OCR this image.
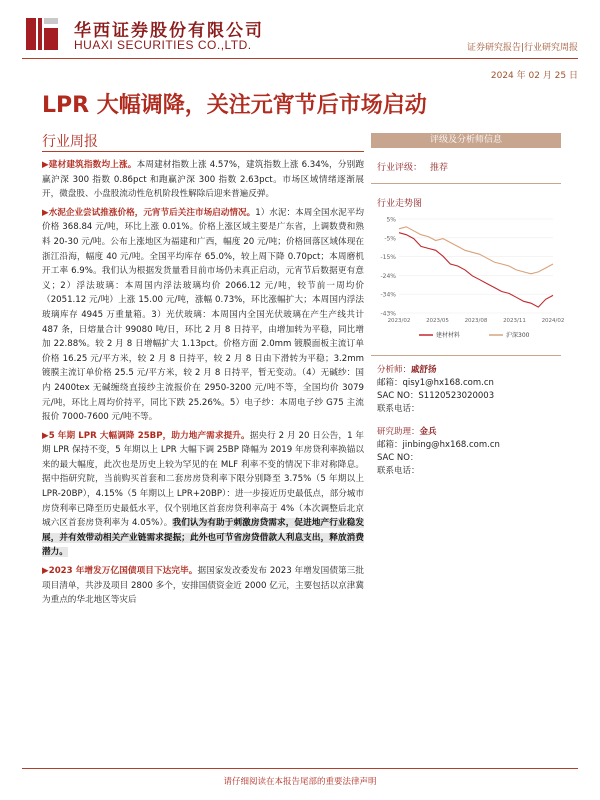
华西证券股份有限公司
HUAXI SECURITIES CO.,LTD.	证券研究报告|行业研究周报
2024 年 02 月 25 日
LPR 大幅调降，关注元宵节后市场启动
行业周报

▶建材建筑指数均上涨。本周建材指数上涨 4.57%，建筑指数上涨 6.34%，分别跑赢沪深 300 指数 0.86pct 和跑赢沪深 300 指数 2.63pct。市场区域情绪逐渐展开，微盘股、小盘股流动性危机阶段性解除后迎来普遍反弹。

▶水泥企业尝试推涨价格，元宵节后关注市场启动情况。1）水泥：本周全国水泥平均价格 368.84 元/吨，环比上涨 0.01%。价格上涨区域主要是广东省，上调数费和熟料 20-30 元/吨。公布上涨地区为福建和广西，幅度 20 元/吨；价格回落区域体现在浙江沿海，幅度 40 元/吨。全国平均库存 65.0%，较上周下降 0.70pct；本周磨机开工率 6.9%。我们认为根据发货量看目前市场仍未真正启动，元宵节后数据更有意义；2）浮法玻璃：本周国内浮法玻璃均价 2066.12 元/吨，较节前一周均价（2051.12 元/吨）上涨 15.00 元/吨，涨幅 0.73%，环比涨幅扩大；本周国内浮法玻璃库存 4945 万重量箱。3）光伏玻璃：本周国内全国光伏玻璃在产生产线共计 487 条，日熔量合计 99080 吨/日，环比 2 月 8 日持平，由增加转为平稳，同比增加 22.88%。较 2 月 8 日增幅扩大 1.13pct。价格方面 2.0mm 镀膜面板主流订单价格 16.25 元/平方米，较 2 月 8 日持平，较 2 月 8 日由下滑转为平稳；3.2mm 镀膜主流订单价格 25.5 元/平方米，较 2 月 8 日持平，暂无变动。（4）无碱纱：国内 2400tex 无碱缠绕直接纱主流报价在 2950-3200 元/吨不等，全国均价 3079 元/吨，环比上周均价持平，同比下跌 25.26%。5）电子纱：本周电子纱 G75 主流报价 7000-7600 元/吨不等。

▶5 年期 LPR 大幅调降 25BP，助力地产需求提升。据央行 2 月 20 日公告，1 年期 LPR 保持不变，5 年期以上 LPR 大幅下调 25BP 降幅为 2019 年房贷利率换锚以来的最大幅度，此次也是历史上较为罕见的在 MLF 利率不变的情况下非对称降息。据中指研究院，当前购买首套和二套房房贷利率下限分别降至 3.75%（5 年期以上 LPR-20BP），4.15%（5 年期以上 LPR+20BP）：进一步接近历史最低点，部分城市房贷利率已降至历史最低水平，仅个别地区首套房贷利率高于 4%（本次调整后北京城六区首套房贷利率为 4.05%）。我们认为有助于刺激房贷需求，促进地产行业稳发展，并有效带动相关产业链需求提振；此外也可节省房贷借款人利息支出，释放消费潜力。

▶2023 年增发万亿国债项目下达完毕。据国家发改委发布 2023 年增发国债第三批项目清单，共涉及项目 2800 多个，安排国债资金近 2000 亿元，主要包括以京津冀为重点的华北地区等灾后

评级及分析师信息
行业评级： 推荐
行业走势图
5%
-5%
-15%
-24%
-34%
-43%
2023/02	2023/05	2023/08	2023/11	2024/02
建材材料	沪深300
分析师：戚舒扬
邮箱：qisy1@hx168.com.cn
SAC NO：S1120523020003
联系电话：
研究助理：金兵
邮箱：jinbing@hx168.com.cn
SAC NO：
联系电话：
请仔细阅读在本报告尾部的重要法律声明
